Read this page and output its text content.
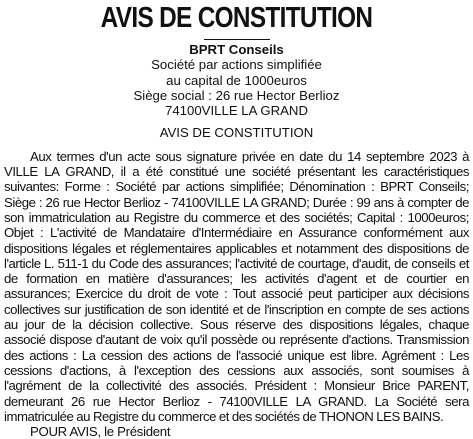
AVIS DE CONSTITUTION
BPRT Conseils
Société par actions simplifiée
au capital de 1000euros
Siège social : 26 rue Hector Berlioz
74100VILLE LA GRAND
AVIS DE CONSTITUTION

Aux termes d'un acte sous signature privée en date du 14 septembre 2023 à VILLE LA GRAND, il a été constitué une société présentant les caractéristiques suivantes: Forme : Société par actions simplifiée; Dénomination : BPRT Conseils; Siège : 26 rue Hector Berlioz - 74100VILLE LA GRAND; Durée : 99 ans à compter de son immatriculation au Registre du commerce et des sociétés; Capital : 1000euros; Objet : L'activité de Mandataire d'Intermédiaire en Assurance conformément aux dispositions légales et réglementaires applicables et notamment des dispositions de l'article L. 511-1 du Code des assurances; l'activité de courtage, d'audit, de conseils et de formation en matière d'assurances; les activités d'agent et de courtier en assurances; Exercice du droit de vote : Tout associé peut participer aux décisions collectives sur justification de son identité et de l'inscription en compte de ses actions au jour de la décision collective. Sous réserve des dispositions légales, chaque associé dispose d'autant de voix qu'il possède ou représente d'actions. Transmission des actions : La cession des actions de l'associé unique est libre. Agrément : Les cessions d'actions, à l'exception des cessions aux associés, sont soumises à l'agrément de la collectivité des associés. Président : Monsieur Brice PARENT, demeurant 26 rue Hector Berlioz - 74100VILLE LA GRAND. La Société sera immatriculée au Registre du commerce et des sociétés de THONON LES BAINS.

POUR AVIS, le Président
